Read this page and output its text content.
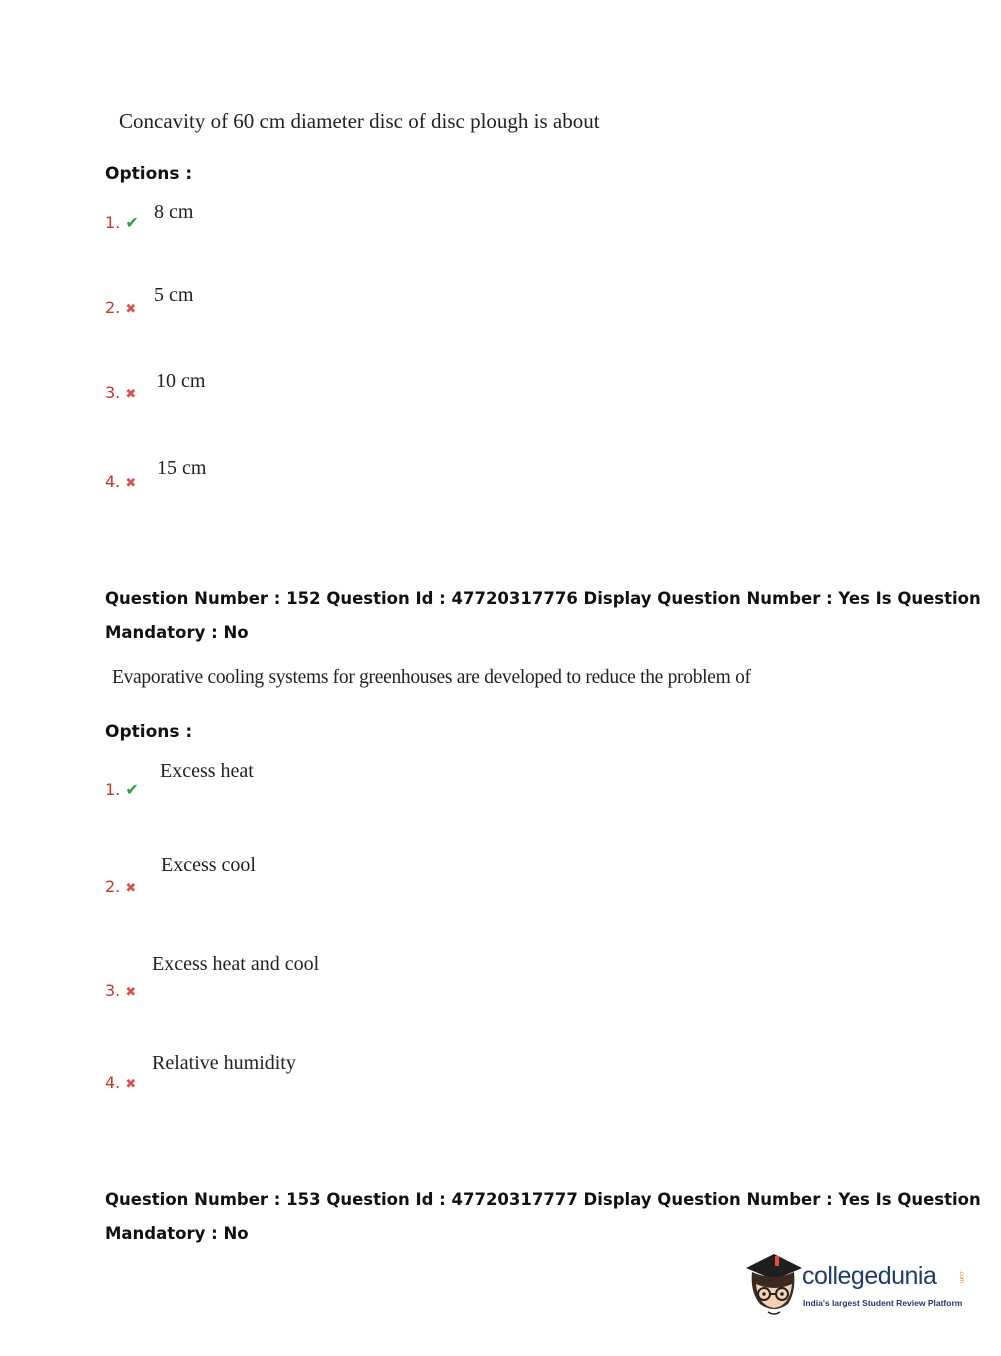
Concavity of 60 cm diameter disc of disc plough is about
Options :
1. ✔ 8 cm
2. ✖
5 cm
3. ✖
10 cm
4. ✖
15 cm
Question Number : 152 Question Id : 47720317776 Display Question Number : Yes Is Question
Mandatory : No
Evaporative cooling systems for greenhouses are developed to reduce the problem of
Options :
1. ✔
Excess heat
2. ✖
Excess cool
3. ✖
Excess heat and cool
4. ✖
Relative humidity
Question Number : 153 Question Id : 47720317777 Display Question Number : Yes Is Question
Mandatory : No
collegedunia	.com
India's largest Student Review Platform
